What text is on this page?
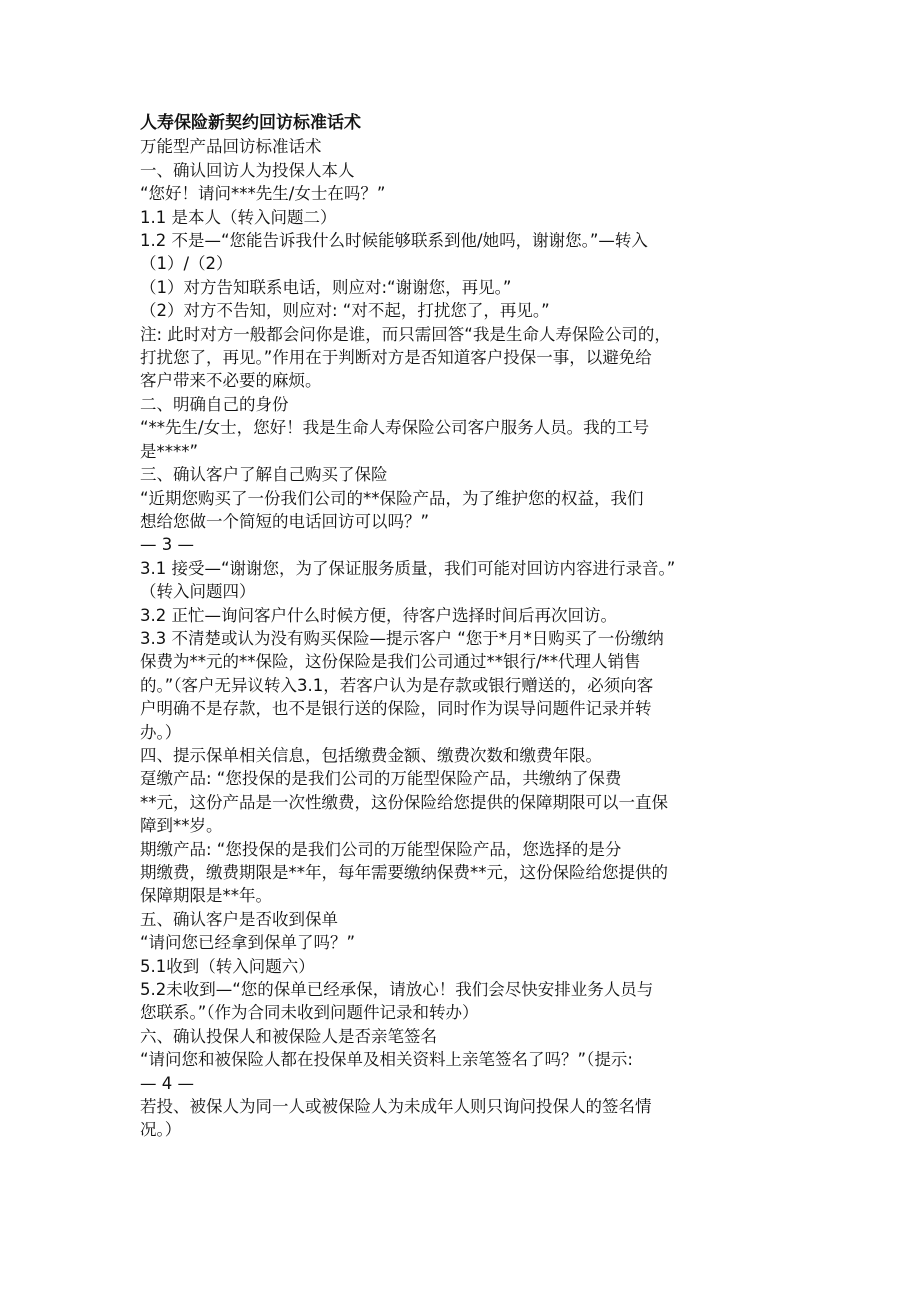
人寿保险新契约回访标准话术
万能型产品回访标准话术
一、确认回访人为投保人本人
“您好！请问***先生/女士在吗？”
1.1 是本人（转入问题二）
1.2 不是—“您能告诉我什么时候能够联系到他/她吗，谢谢您。”—转入
（1）/（2）
（1）对方告知联系电话，则应对:“谢谢您，再见。”
（2）对方不告知，则应对: “对不起，打扰您了，再见。”
注: 此时对方一般都会问你是谁，而只需回答“我是生命人寿保险公司的，
打扰您了，再见。”作用在于判断对方是否知道客户投保一事，以避免给
客户带来不必要的麻烦。
二、明确自己的身份
“**先生/女士，您好！我是生命人寿保险公司客户服务人员。我的工号
是****”
三、确认客户了解自己购买了保险
“近期您购买了一份我们公司的**保险产品，为了维护您的权益，我们
想给您做一个简短的电话回访可以吗？”
— 3 —
3.1 接受—“谢谢您，为了保证服务质量，我们可能对回访内容进行录音。”
（转入问题四）
3.2 正忙—询问客户什么时候方便，待客户选择时间后再次回访。
3.3 不清楚或认为没有购买保险—提示客户 “您于*月*日购买了一份缴纳
保费为**元的**保险，这份保险是我们公司通过**银行/**代理人销售
的。”（客户无异议转入3.1，若客户认为是存款或银行赠送的，必须向客
户明确不是存款，也不是银行送的保险，同时作为误导问题件记录并转
办。）
四、提示保单相关信息，包括缴费金额、缴费次数和缴费年限。
趸缴产品: “您投保的是我们公司的万能型保险产品，共缴纳了保费
**元，这份产品是一次性缴费，这份保险给您提供的保障期限可以一直保
障到**岁。
期缴产品: “您投保的是我们公司的万能型保险产品，您选择的是分
期缴费，缴费期限是**年，每年需要缴纳保费**元，这份保险给您提供的
保障期限是**年。
五、确认客户是否收到保单
“请问您已经拿到保单了吗？”
5.1收到（转入问题六）
5.2未收到—“您的保单已经承保，请放心！我们会尽快安排业务人员与
您联系。”（作为合同未收到问题件记录和转办）
六、确认投保人和被保险人是否亲笔签名
“请问您和被保险人都在投保单及相关资料上亲笔签名了吗？”（提示:
— 4 —
若投、被保人为同一人或被保险人为未成年人则只询问投保人的签名情
况。）
